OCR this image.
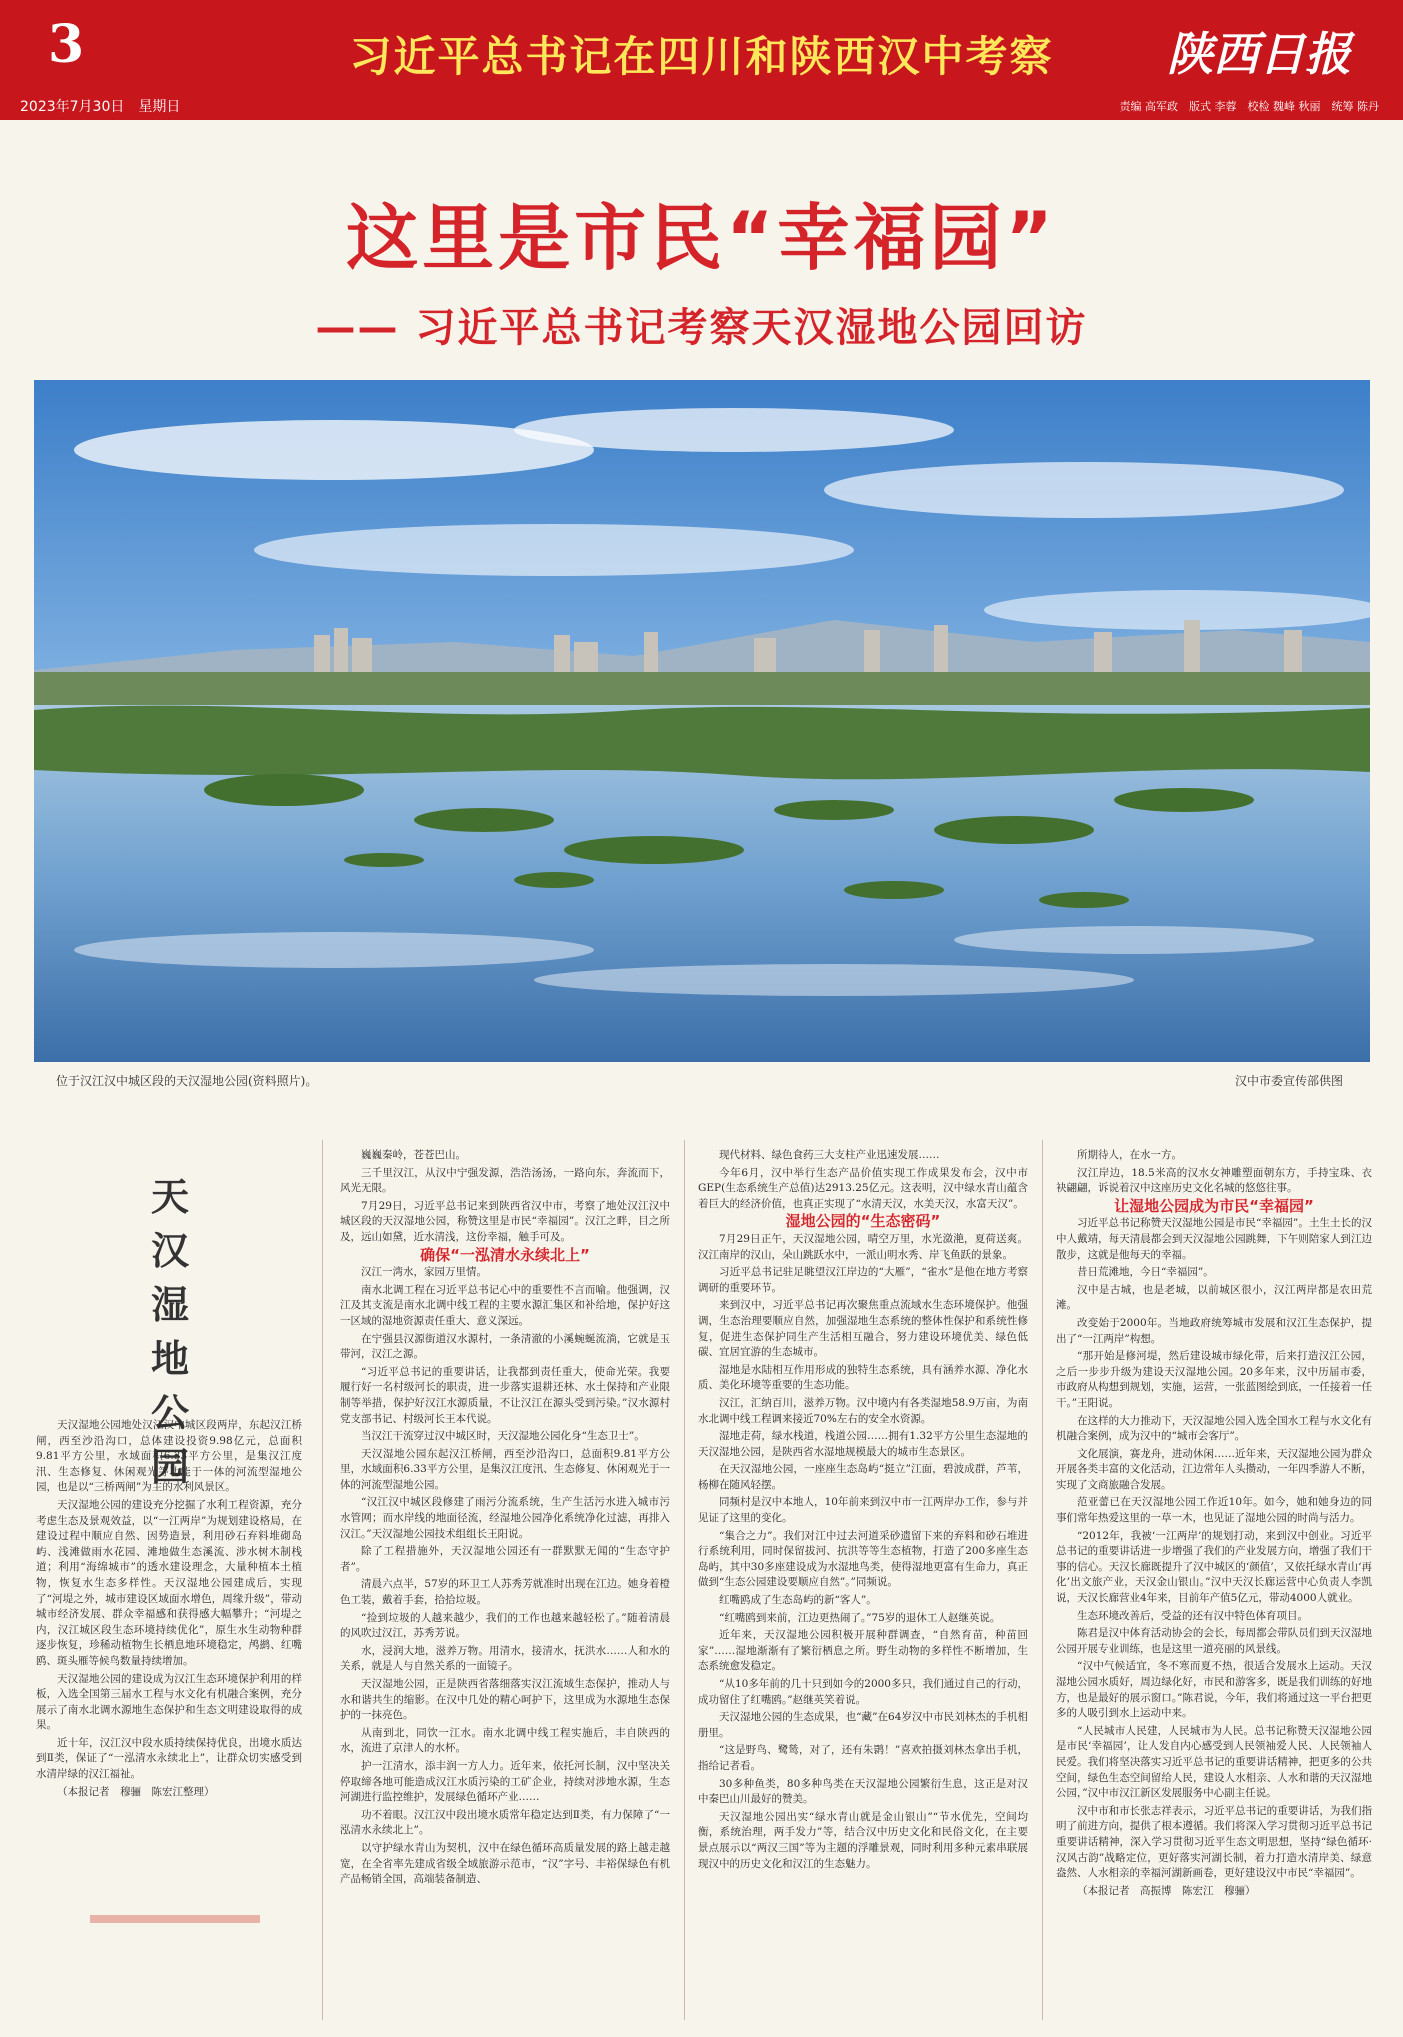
3	习近平总书记在四川和陕西汉中考察	陕西日报
2023年7月30日　星期日	责编 高军政　版式 李蓉　校检 魏峰 秋丽　统筹 陈丹
这里是市民“幸福园”
—— 习近平总书记考察天汉湿地公园回访
位于汉江汉中城区段的天汉湿地公园(资料照片)。	汉中市委宣传部供图
天汉湿地公园

天汉湿地公园地处汉江汉中城区段两岸，东起汉江桥闸，西至沙沿沟口，总体建设投资9.98亿元，总面积9.81平方公里，水域面积6.33平方公里，是集汉江度汛、生态修复、休闲观光等功能于一体的河流型湿地公园，也是以“三桥两闸”为主的水利风景区。

天汉湿地公园的建设充分挖掘了水利工程资源，充分考虑生态及景观效益，以“一江两岸”为规划建设格局，在建设过程中顺应自然、因势造景，利用砂石弃料堆砌岛屿、浅滩做雨水花园、滩地做生态溪流、涉水树木制栈道；利用“海绵城市”的透水建设理念，大量种植本土植物，恢复水生态多样性。天汉湿地公园建成后，实现了“河堤之外，城市建设区域面水增色，周缘升级”，带动城市经济发展、群众幸福感和获得感大幅攀升；“河堤之内，汉江城区段生态环境持续优化”，原生水生动物种群逐步恢复，珍稀动植物生长栖息地环境稳定，鸬鹚、红嘴鸥、斑头雁等候鸟数量持续增加。

天汉湿地公园的建设成为汉江生态环境保护利用的样板，入选全国第三届水工程与水文化有机融合案例，充分展示了南水北调水源地生态保护和生态文明建设取得的成果。

近十年，汉江汉中段水质持续保持优良，出境水质达到Ⅱ类，保证了“一泓清水永续北上”，让群众切实感受到水清岸绿的汉江福祉。

（本报记者　穆骊　陈宏江整理）

巍巍秦岭，苍苍巴山。

三千里汉江，从汉中宁强发源，浩浩汤汤，一路向东，奔流而下，风光无限。

7月29日，习近平总书记来到陕西省汉中市，考察了地处汉江汉中城区段的天汉湿地公园，称赞这里是市民“幸福园”。汉江之畔，目之所及，远山如黛，近水清浅，这份幸福，触手可及。

确保“一泓清水永续北上”

汉江一湾水，家园万里情。

南水北调工程在习近平总书记心中的重要性不言而喻。他强调，汉江及其支流是南水北调中线工程的主要水源汇集区和补给地，保护好这一区域的湿地资源责任重大、意义深远。

在宁强县汉源街道汉水源村，一条清澈的小溪蜿蜒流淌，它就是玉带河，汉江之源。

“习近平总书记的重要讲话，让我都到责任重大，使命光荣。我要履行好一名村级河长的职责，进一步落实退耕还林、水土保持和产业限制等举措，保护好汉江水源质量，不让汉江在源头受到污染。”汉水源村党支部书记、村级河长王本代说。

当汉江干流穿过汉中城区时，天汉湿地公园化身“生态卫士”。

天汉湿地公园东起汉江桥闸，西至沙沿沟口，总面积9.81平方公里，水域面积6.33平方公里，是集汉江度汛、生态修复、休闲观光于一体的河流型湿地公园。

“汉江汉中城区段修建了雨污分流系统，生产生活污水进入城市污水管网；而水岸线的地面径流，经湿地公园净化系统净化过滤，再排入汉江。”天汉湿地公园技术组组长王阳说。

除了工程措施外，天汉湿地公园还有一群默默无闻的“生态守护者”。

清晨六点半，57岁的环卫工人苏秀芳就准时出现在江边。她身着橙色工装，戴着手套，拾拾垃圾。

“捡到垃圾的人越来越少，我们的工作也越来越轻松了。”随着清晨的风吹过汉江，苏秀芳说。

水，浸润大地，滋养万物。用清水，接清水，抚洪水……人和水的关系，就是人与自然关系的一面镜子。

天汉湿地公园，正是陕西省落细落实汉江流域生态保护，推动人与水和谐共生的缩影。在汉中几处的精心呵护下，这里成为水源地生态保护的一抹亮色。

从南到北，同饮一江水。南水北调中线工程实施后，丰自陕西的水，流进了京津人的水杯。

护一江清水，添丰润一方人力。近年来，依托河长制，汉中坚决关停取缔各地可能造成汉江水质污染的工矿企业，持续对涉地水源，生态河湖进行监控维护，发展绿色循环产业……

功不着眼。汉江汉中段出境水质常年稳定达到Ⅱ类，有力保障了“一泓清水永续北上”。

以守护绿水青山为契机，汉中在绿色循环高质量发展的路上越走越宽，在全省率先建成省级全域旅游示范市，“汉”字号、丰裕保绿色有机产品畅销全国，高端装备制造、

现代材料、绿色食药三大支柱产业迅速发展……

今年6月，汉中举行生态产品价值实现工作成果发布会，汉中市GEP(生态系统生产总值)达2913.25亿元。这表明，汉中绿水青山蕴含着巨大的经济价值，也真正实现了“水清天汉，水美天汉，水富天汉”。

湿地公园的“生态密码”

7月29日正午，天汉湿地公园，晴空万里，水光潋滟，夏荷送爽。汉江南岸的汉山，朵山跳跃水中，一派山明水秀、岸飞鱼跃的景象。

习近平总书记驻足眺望汉江岸边的“大雁”，“雀水”是他在地方考察调研的重要环节。

来到汉中，习近平总书记再次聚焦重点流域水生态环境保护。他强调，生态治理要顺应自然，加强湿地生态系统的整体性保护和系统性修复，促进生态保护同生产生活相互融合，努力建设环境优美、绿色低碳、宜居宜游的生态城市。

湿地是水陆相互作用形成的独特生态系统，具有涵养水源、净化水质、美化环境等重要的生态功能。

汉江，汇纳百川，滋养万物。汉中境内有各类湿地58.9万亩，为南水北调中线工程调来接近70%左右的安全水资源。

湿地走荷，绿水栈道，栈道公园……拥有1.32平方公里生态湿地的天汉湿地公园，是陕西省水湿地规模最大的城市生态景区。

在天汉湿地公园，一座座生态岛屿“挺立”江面，碧波成群，芦苇，杨柳在随风轻摆。

同频村是汉中本地人，10年前来到汉中市一江两岸办工作，参与并见证了这里的变化。

“集合之力”。我们对江中过去河道采砂遗留下来的弃料和砂石堆进行系统利用，同时保留拔河、抗洪等等生态植物，打造了200多座生态岛屿，其中30多座建设成为水湿地鸟类，使得湿地更富有生命力，真正做到“生态公园建设要顺应自然”。”同频说。

红嘴鸥成了生态岛屿的新“客人”。

“红嘴鸥到来前，江边更热闹了。”75岁的退休工人赵继英说。

近年来，天汉湿地公园积极开展种群调查，“自然育苗，种苗回家”……湿地渐渐有了繁衍栖息之所。野生动物的多样性不断增加，生态系统愈发稳定。

“从10多年前的几十只到如今的2000多只，我们通过自己的行动，成功留住了红嘴鸥。”赵继英笑着说。

天汉湿地公园的生态成果，也“藏”在64岁汉中市民刘林杰的手机相册里。

“这是野鸟、鹭鸶，对了，还有朱鹮！”喜欢拍摄刘林杰拿出手机，指给记者看。

30多种鱼类，80多种鸟类在天汉湿地公园繁衍生息，这正是对汉中秦巴山川最好的赞美。

天汉湿地公园出实“绿水青山就是金山银山”“节水优先，空间均衡，系统治理，两手发力”等，结合汉中历史文化和民俗文化，在主要景点展示以“两汉三国”等为主题的浮雕景观，同时利用多种元素串联展现汉中的历史文化和汉江的生态魅力。

所期待人，在水一方。

汉江岸边，18.5米高的汉水女神雕塑面朝东方，手持宝珠、衣袂翩翩，诉说着汉中这座历史文化名城的悠悠往事。

让湿地公园成为市民“幸福园”

习近平总书记称赞天汉湿地公园是市民“幸福园”。土生土长的汉中人戴靖，每天清晨都会到天汉湿地公园跳舞，下午则陪家人到江边散步，这就是他每天的幸福。

昔日荒滩地，今日“幸福园”。

汉中是古城，也是老城，以前城区很小，汉江两岸都是农田荒滩。

改变始于2000年。当地政府统筹城市发展和汉江生态保护，提出了“一江两岸”构想。

“那开始是修河堤，然后建设城市绿化带，后来打造汉江公园，之后一步步升级为建设天汉湿地公园。20多年来，汉中历届市委，市政府从构想到规划，实施，运营，一张蓝图绘到底，一任接着一任干。”王阳说。

在这样的大力推动下，天汉湿地公园入选全国水工程与水文化有机融合案例，成为汉中的“城市会客厅”。

文化展演，赛龙舟，进动休闲……近年来，天汉湿地公园为群众开展各类丰富的文化活动，江边常年人头攒动，一年四季游人不断，实现了文商旅融合发展。

范亚蕾已在天汉湿地公园工作近10年。如今，她和她身边的同事们常年热爱这里的一草一木，也见证了湿地公园的时尚与活力。

“2012年，我被‘一江两岸’的规划打动，来到汉中创业。习近平总书记的重要讲话进一步增强了我们的产业发展方向，增强了我们干事的信心。天汉长廊既提升了汉中城区的‘颜值’，又依托绿水青山‘再化’出文旅产业，天汉金山银山。”汉中天汉长廊运营中心负责人李凯说，天汉长廊营业4年来，目前年产值5亿元，带动4000人就业。

生态环境改善后，受益的还有汉中特色体育项目。

陈君是汉中体育活动协会的会长，每周都会带队员们到天汉湿地公园开展专业训练，也是这里一道亮丽的风景线。

“汉中气候适宜，冬不寒而夏不热，很适合发展水上运动。天汉湿地公园水质好，周边绿化好，市民和游客多，既是我们训练的好地方，也是最好的展示窗口。”陈君说，今年，我们将通过这一平台把更多的人吸引到水上运动中来。

“人民城市人民建，人民城市为人民。总书记称赞天汉湿地公园是市民‘幸福园’，让人发自内心感受到人民领袖爱人民、人民领袖人民爱。我们将坚决落实习近平总书记的重要讲话精神，把更多的公共空间，绿色生态空间留给人民，建设人水相亲、人水和谐的天汉湿地公园，”汉中市汉江新区发展服务中心副主任说。

汉中市和市长张志祥表示，习近平总书记的重要讲话，为我们指明了前进方向，提供了根本遵循。我们将深入学习贯彻习近平总书记重要讲话精神，深入学习贯彻习近平生态文明思想，坚持“绿色循环·汉风古韵”战略定位，更好落实河湖长制，着力打造水清岸美、绿意盎然、人水相亲的幸福河湖新画卷，更好建设汉中市民“幸福园”。

（本报记者　高振博　陈宏江　穆骊）
